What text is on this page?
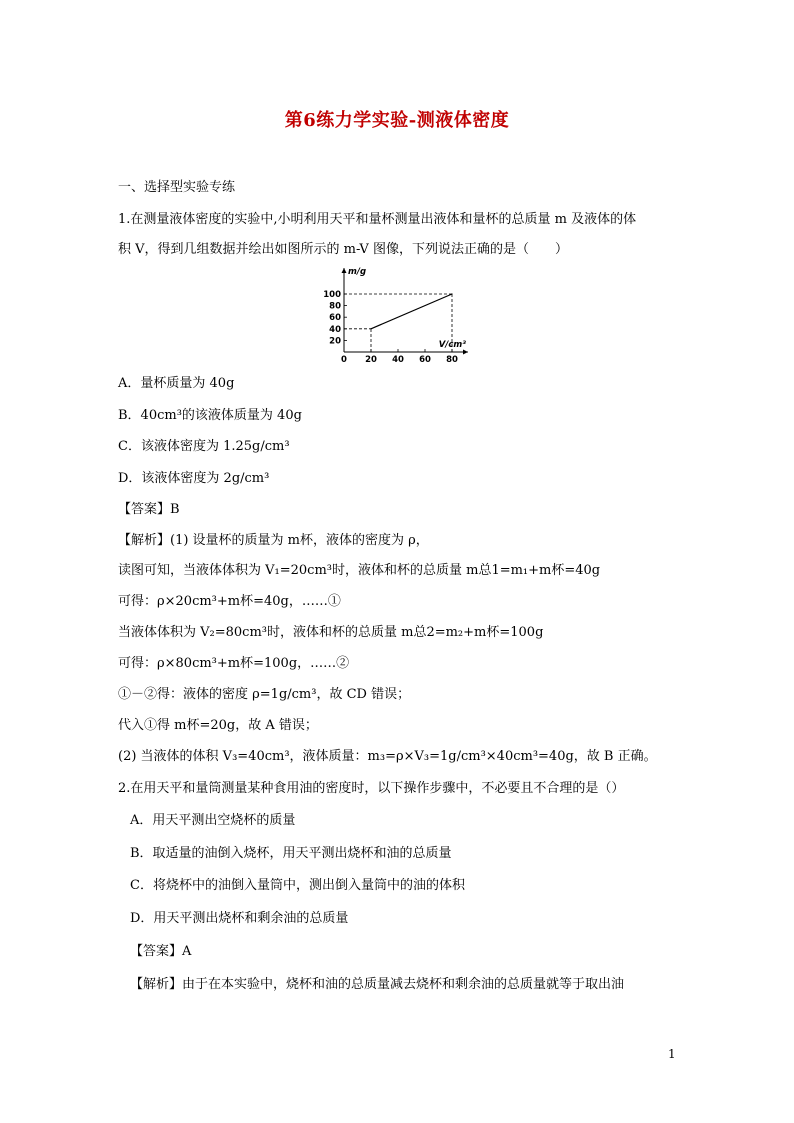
第6练力学实验-测液体密度
一、选择型实验专练
1.在测量液体密度的实验中,小明利用天平和量杯测量出液体和量杯的总质量 m 及液体的体
积 V，得到几组数据并绘出如图所示的 m-V 图像，下列说法正确的是（　　）
0 20 40 60 80
20
40
60
80
100
m/g
V/cm³
A．量杯质量为 40g
B．40cm³的该液体质量为 40g
C．该液体密度为 1.25g/cm³
D．该液体密度为 2g/cm³
【答案】B
【解析】(1) 设量杯的质量为 m杯，液体的密度为 ρ，
读图可知，当液体体积为 V₁=20cm³时，液体和杯的总质量 m总1=m₁+m杯=40g
可得：ρ×20cm³+m杯=40g，……①
当液体体积为 V₂=80cm³时，液体和杯的总质量 m总2=m₂+m杯=100g
可得：ρ×80cm³+m杯=100g，……②
①－②得：液体的密度 ρ=1g/cm³，故 CD 错误；
代入①得 m杯=20g，故 A 错误；
(2) 当液体的体积 V₃=40cm³，液体质量：m₃=ρ×V₃=1g/cm³×40cm³=40g，故 B 正确。
2.在用天平和量筒测量某种食用油的密度时，以下操作步骤中，不必要且不合理的是（）
A．用天平测出空烧杯的质量
B．取适量的油倒入烧杯，用天平测出烧杯和油的总质量
C．将烧杯中的油倒入量筒中，测出倒入量筒中的油的体积
D．用天平测出烧杯和剩余油的总质量
【答案】A
【解析】由于在本实验中，烧杯和油的总质量减去烧杯和剩余油的总质量就等于取出油
1
